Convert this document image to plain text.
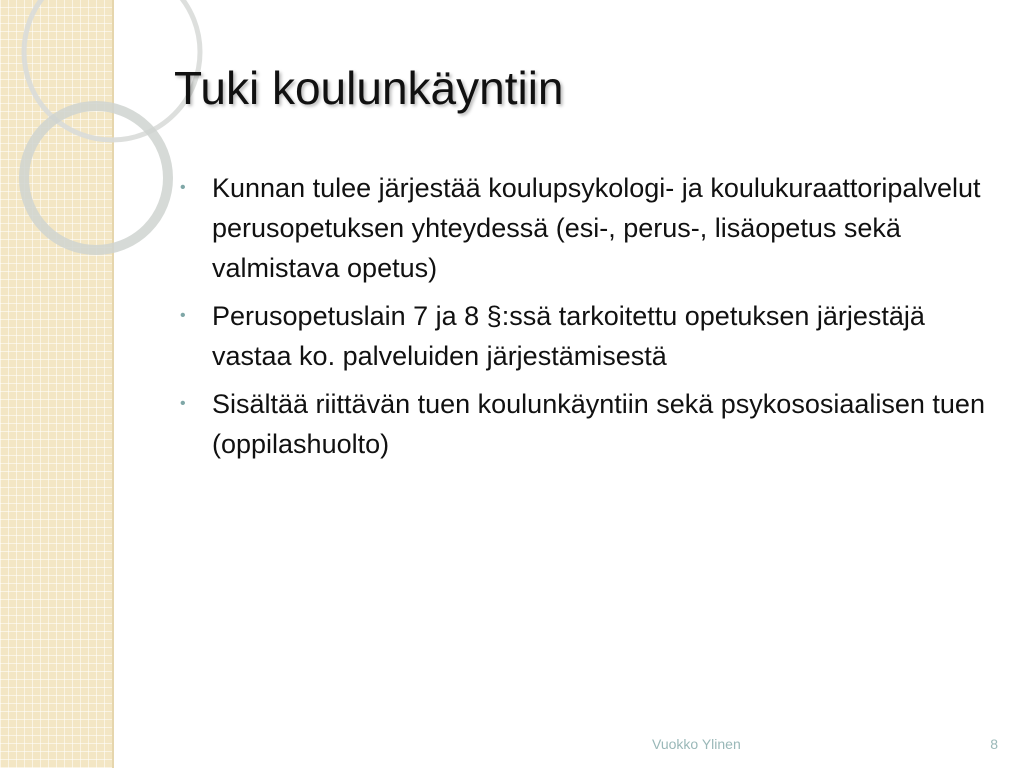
Tuki koulunkäyntiin
• Kunnan tulee järjestää koulupsykologi- ja koulukuraattoripalvelut perusopetuksen yhteydessä (esi-, perus-, lisäopetus sekä valmistava opetus)
• Perusopetuslain 7 ja 8 §:ssä tarkoitettu opetuksen järjestäjä vastaa ko. palveluiden järjestämisestä
• Sisältää riittävän tuen koulunkäyntiin sekä psykososiaalisen tuen (oppilashuolto)
Vuokko Ylinen	8
